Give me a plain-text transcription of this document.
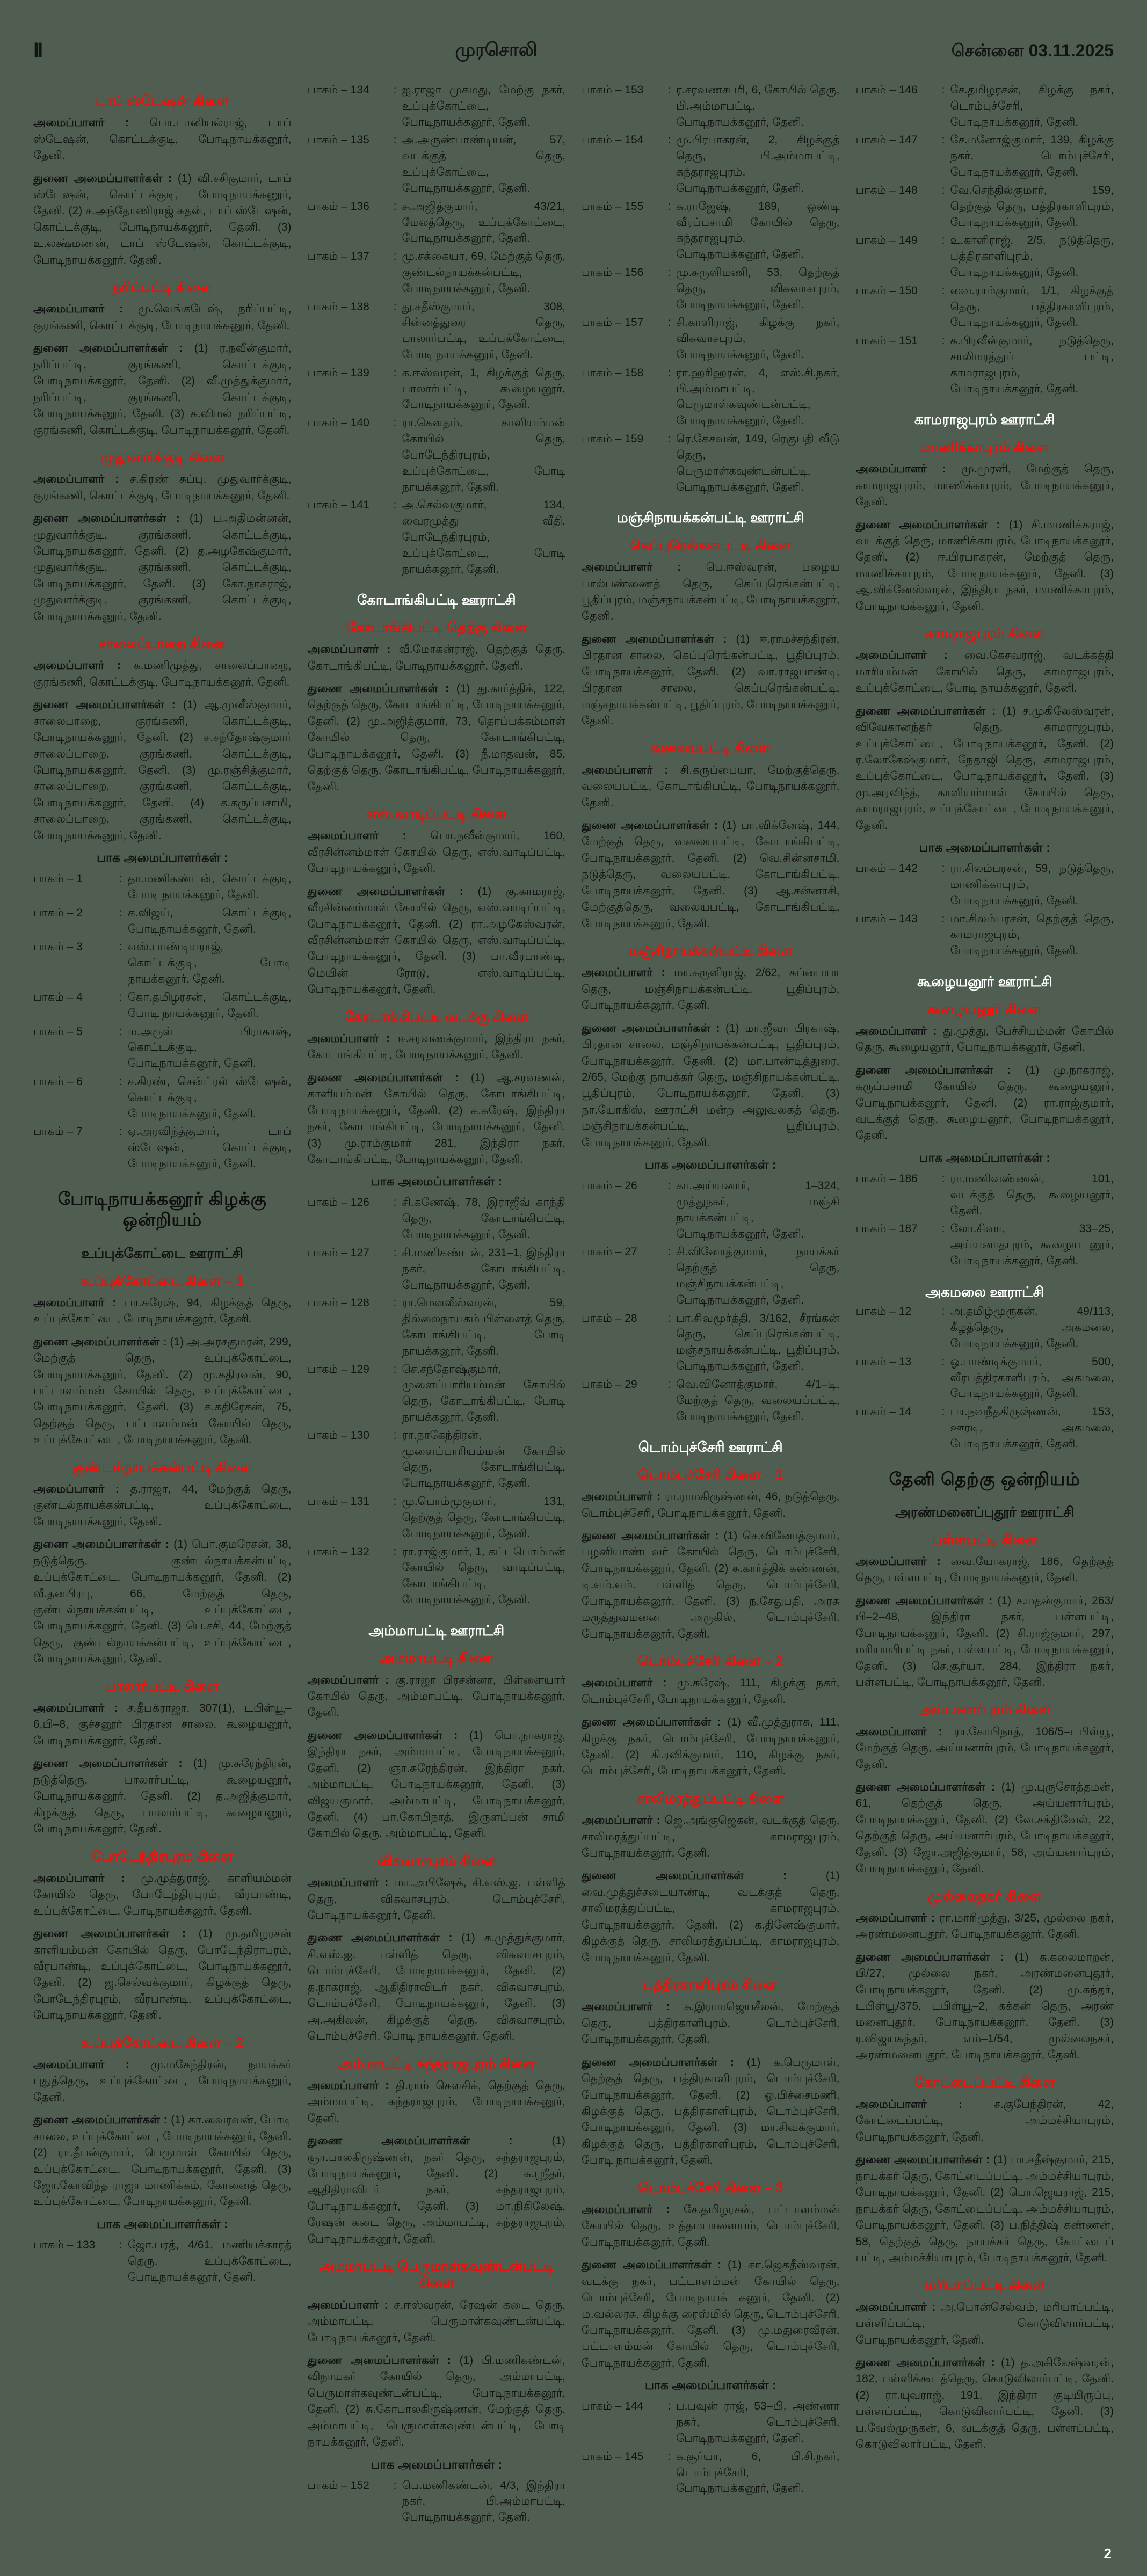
II	முரசொலி	சென்னை 03.11.2025
டாப் ஸ்டேஷன் கிளை
அமைப்பாளர் : பொ.டானியல்ராஜ், டாப் ஸ்டேஷன், கொட்டக்குடி, போடிநாயக்கனூர், தேனி.
துணை அமைப்பாளர்கள் : (1) வி.சசிகுமார், டாப் ஸ்டேஷன், கொட்டக்குடி, போடிநாயக்கனூர், தேனி. (2) ச.அந்தோணிராஜ் சுதன், டாப் ஸ்டேஷன், கொட்டக்குடி, போடிநாயக்கனூர், தேனி. (3) உ.லக்ஷ்மணன், டாப் ஸ்டேஷன், கொட்டக்குடி, போடிநாயக்கனூர், தேனி.
நரிப்பட்டி கிளை
அமைப்பாளர் : மு.வெங்கடேஷ், நரிப்பட்டி, குரங்கணி, கொட்டக்குடி, போடிநாயக்கனூர், தேனி.
துணை அமைப்பாளர்கள் : (1) ர.நவீன்குமார், நரிப்பட்டி, குரங்கணி, கொட்டக்குடி, போடிநாயக்கனூர், தேனி. (2) வீ.முத்துக்குமார், நரிப்பட்டி, குரங்கணி, கொட்டக்குடி, போடிநாயக்கனூர், தேனி. (3) க.விமல் நரிப்பட்டி, குரங்கணி, கொட்டக்குடி, போடிநாயக்கனூர், தேனி.
முதுவார்க்குடி கிளை
அமைப்பாளர் : ச.கிரண் சுப்பு, முதுவார்க்குடி, குரங்கணி, கொட்டக்குடி, போடிநாயக்கனூர், தேனி.
துணை அமைப்பாளர்கள் : (1) ப.அதிமன்னன், முதுவார்க்குடி, குரங்கணி, கொட்டக்குடி, போடிநாயக்கனூர், தேனி. (2) த.அழகேஷ்குமார், முதுவார்க்குடி, குரங்கணி, கொட்டக்குடி, போடிநாயக்கனூர், தேனி. (3) கோ.நாகராஜ், முதுவார்க்குடி, குரங்கணி, கொட்டக்குடி, போடிநாயக்கனூர், தேனி.
சாலைப்பாறை கிளை
அமைப்பாளர் : க.மணிமுத்து, சாலைப்பாறை, குரங்கணி, கொட்டக்குடி, போடிநாயக்கனூர், தேனி.
துணை அமைப்பாளர்கள் : (1) ஆ.முனீஸ்குமார், சாலைபாறை, குரங்கணி, கொட்டக்குடி, போடிநாயக்கனூர், தேனி. (2) ச.சந்தோஷ்குமார் சாலைப்பாறை, குரங்கணி, கொட்டக்குடி, போடிநாயக்கனூர், தேனி. (3) மு.ரஞ்சித்குமார், சாலைப்பாறை, குரங்கணி, கொட்டக்குடி, போடிநாயக்கனூர், தேனி. (4) க.கருப்பசாமி, சாலைப்பாறை, குரங்கணி, கொட்டக்குடி, போடிநாயக்கனூர், தேனி.
பாக அமைப்பாளர்கள் :
பாகம் – 1	: தா.மணிகண்டன், கொட்டக்குடி, போடி நாயக்கனூர், தேனி.
பாகம் – 2	: க.விஜய், கொட்டக்குடி, போடிநாயக்கனூர், தேனி.
பாகம் – 3	: எஸ்.பாண்டியராஜ், கொட்டக்குடி, போடி நாயக்கனூர், தேனி.
பாகம் – 4	: கோ.தமிழரசன், கொட்டக்குடி, போடி நாயக்கனூர், தேனி.
பாகம் – 5	: ம.அருள் பிராகாஷ், கொட்டக்குடி, போடிநாயக்கனூர், தேனி.
பாகம் – 6	: ச.கிரண், சென்ட்ரல் ஸ்டேஷன், கொட்டக்குடி, போடிநாயக்கனூர், தேனி.
பாகம் – 7	: ஏ.அரவிந்த்குமார், டாப் ஸ்டேஷன், கொட்டக்குடி, போடிநாயக்கனூர், தேனி.
போடிநாயக்கனூர் கிழக்கு ஒன்றியம்
உப்புக்கோட்டை ஊராட்சி
உப்புக்கோட்டை கிளை – 1
அமைப்பாளர் : பா.சுரேஷ், 94, கிழக்குத் தெரு, உப்புக்கோட்டை, போடிநாயக்கனூர், தேனி.
துணை அமைப்பாளர்கள் : (1) அ.அரசகுமரன், 299, மேற்குத் தெரு, உப்புக்கோட்டை, போடிநாயக்கனூர், தேனி. (2) மு.கதிரவன், 90, பட்டாளம்மன் கோயில் தெரு, உப்புக்கோட்டை, போடிநாயக்கனூர், தேனி. (3) க.கதிரேசன், 75, தெற்குத் தெரு, பட்டாளம்மன் கோயில் தெரு, உப்புக்கோட்டை, போடிநாயக்கனூர், தேனி.
குண்டல்நாயக்கன்பட்டி கிளை
அமைப்பாளர் : த.ராஜா, 44, மேற்குத் தெரு, குண்டல்நாயக்கன்பட்டி, உப்புக்கோட்டை, போடிநாயக்கனூர், தேனி.
துணை அமைப்பாளர்கள் : (1) பொ.குமரேசன், 38, நடுத்தெரு, குண்டல்நாயக்கன்பட்டி, உப்புக்கோட்டை, போடிநாயக்கனூர், தேனி. (2) வீ.தனபிரபு, 66, மேற்குத் தெரு, குண்டல்நாயக்கன்பட்டி, உப்புக்கோட்டை, போடிநாயக்கனூர், தேனி. (3) பெ.சசி, 44, மேற்குத் தெரு, குண்டல்நாயக்கன்பட்டி, உப்புக்கோட்டை, போடிநாயக்கனூர், தேனி.
பாலார்பட்டி கிளை
அமைப்பாளர் : ச.தீபக்ராஜா, 307(1), டபிள்யூ–6,பி–8, குச்சனூர் பிரதான சாலை, கூழையனூர், போடிநாயக்கனூர், தேனி.
துணை அமைப்பாளர்கள் : (1) மு.சுரேந்திரன், நடுத்தெரு, பாலார்பட்டி, கூழையனூர், போடிநாயக்கனூர், தேனி. (2) த.அஜித்குமார், கிழக்குத் தெரு, பாலார்பட்டி, கூழையனூர், போடிநாயக்கனூர், தேனி.
போடேந்திரபுரம் கிளை
அமைப்பாளர் : மு.முத்துராஜ், காளியம்மன் கோயில் தெரு, போடேந்திரபுரம், வீரபாண்டி, உப்புக்கோட்டை, போடிநாயக்கனூர், தேனி.
துணை அமைப்பாளர்கள் : (1) மு.தமிழரசன் காளியம்மன் கோயில் தெரு, போடேந்திராபுரம், வீரபாண்டி, உப்புக்கோட்டை, போடிநாயக்கனூர், தேனி. (2) ஜ.செல்வக்குமார், கிழக்குத் தெரு, போடேந்திரபுரம், வீரபாண்டி, உப்புக்கோட்டை, போடிநாயக்கனூர், தேனி.
உப்புக்கோட்டை கிளை – 2
அமைப்பாளர் : மு.மகேந்திரன், நாயக்கர் புதுத்தெரு, உப்புக்கோட்டை, போடிநாயக்கனூர், தேனி.
துணை அமைப்பாளர்கள் : (1) கா.வைரவன், போடி சாலை, உப்புக்கோட்டை, போடிநாயக்கனூர், தேனி. (2) ரா.தீபன்குமார், பெருமாள் கோயில் தெரு, உப்புக்கோட்டை, போடிநாயக்கனூர், தேனி. (3) ஜோ.கோவிந்த ராஜா மாணிக்கம், கோனைத் தெரு, உப்புக்கோட்டை, போடிநாயக்கனூர், தேனி.
பாக அமைப்பாளர்கள் :
பாகம் – 133	: ஜோ.பரத், 4/61, மணியக்காரத் தெரு, உப்புக்கோட்டை, போடிநாயக்கனூர், தேனி.
பாகம் – 134	: ஐ.ராஜா முகமது, மேற்கு நகர், உப்புக்கோட்டை, போடிநாயக்கனூர், தேனி.
பாகம் – 135	: அ.அருண்பாண்டியன், 57, வடக்குத் தெரு, உப்புக்கோட்டை, போடிநாயக்கனூர், தேனி.
பாகம் – 136	: சு.அஜித்குமார், 43/21, மேலத்தெரு, உப்புக்கோட்டை, போடிநாயக்கனூர், தேனி.
பாகம் – 137	: மு.சக்கையா, 69, மேற்குத் தெரு, குண்டல்நாயக்கன்பட்டி, போடிநாயக்கனூர், தேனி.
பாகம் – 138	: து.சதீஸ்குமார், 308, சின்னத்துரை தெரு, பாலார்பட்டி, உப்புக்கோட்டை, போடி நாயக்கனூர், தேனி.
பாகம் – 139	: க.ஈஸ்வரன், 1, கிழக்குத் தெரு, பாலார்பட்டி, கூழையனூர், போடிநாயக்கனூர், தேனி.
பாகம் – 140	: ரா.கௌதம், காளியம்மன் கோயில் தெரு, போடேந்திரபுரம், உப்புக்கோட்டை, போடி நாயக்கனூர், தேனி.
பாகம் – 141	: அ.செல்வகுமார், 134, வைரமுத்து வீதி, போடேந்திரபுரம், உப்புக்கோட்டை, போடி நாயக்கனூர், தேனி.
கோடாங்கிபட்டி ஊராட்சி
கோடாங்கிபட்டி தெற்கு கிளை
அமைப்பாளர் : வீ.மோகன்ராஜ், தெற்குத் தெரு, கோடாங்கிபட்டி, போடிநாயக்கனூர், தேனி.
துணை அமைப்பாளர்கள் : (1) து.கார்த்திக், 122, தெற்குத் தெரு, கோடாங்கிபட்டி, போடிநாயக்கனூர், தேனி. (2) மு.அஜித்குமார், 73, தொப்பக்கம்மாள் கோயில் தெரு, கோடாங்கிபட்டி, போடிநாயக்கனூர், தேனி. (3) நீ.மாதவன், 85, தெற்குத் தெரு, கோடாங்கிபட்டி, போடிநாயக்கனூர், தேனி.
எஸ்.வாடிப்பட்டி கிளை
அமைப்பாளர் : பொ.நவீன்குமார், 160, வீரசின்னம்மாள் கோயில் தெரு, எஸ்.வாடிப்பட்டி, போடிநாயக்கனூர், தேனி.
துணை அமைப்பாளர்கள் : (1) கு.காமராஜ், வீரசின்னம்மாள் கோயில் தெரு, எஸ்.வாடிப்பட்டி, போடிநாயக்கனூர், தேனி. (2) ரா.அழகேஸ்வரன், வீரசின்னம்மாள் கோயில் தெரு, எஸ்.வாடிப்பட்டி, போடிநாயக்கனூர், தேனி. (3) பா.வீரபாண்டி, மெயின் ரோடு, எஸ்.வாடிப்பட்டி, போடிநாயக்கனூர், தேனி.
கோடாங்கிபட்டி வடக்கு கிளை
அமைப்பாளர் : ஈ.சரவணக்குமார், இந்திரா நகர், கோடாங்கிபட்டி, போடிநாயக்கனூர், தேனி.
துணை அமைப்பாளர்கள் : (1) ஆ.சரவணன், காளியம்மன் கோயில் தெரு, கோடாங்கிபட்டி, போடிநாயக்கனூர், தேனி. (2) க.சுரேஷ், இந்திரா நகர், கோடாங்கிபட்டி, போடிநாயக்கனூர், தேனி. (3) மு.ராம்குமார் 281, இந்திரா நகர், கோடாங்கிபட்டி, போடிநாயக்கனூர், தேனி.
பாக அமைப்பாளர்கள் :
பாகம் – 126	: சி.கணேஷ், 78, இராஜீவ் காந்தி தெரு, கோடாங்கிபட்டி, போடிநாயக்கனூர், தேனி.
பாகம் – 127	: சி.மணிகண்டன், 231–1, இந்திரா நகர், கோடாங்கிபட்டி, போடிநாயக்கனூர், தேனி.
பாகம் – 128	: ரா.மௌலீஸ்வரன், 59, தில்லைநாயகம் பிள்ளைத் தெரு, கோடாங்கிபட்டி, போடி நாயக்கனூர், தேனி.
பாகம் – 129	: செ.சந்தோஷ்குமார், முளைப்பாரியம்மன் கோயில் தெரு, கோடாங்கிபட்டி, போடி நாயக்கனூர், தேனி.
பாகம் – 130	: ரா.நாகேந்திரன், முளைப்பாரியம்மன் கோயில் தெரு, கோடாங்கிபட்டி, போடிநாயக்கனூர், தேனி.
பாகம் – 131	: மு.பொம்முகுமார், 131, தெற்குத் தெரு, கோடாங்கிபட்டி, போடிநாயக்கனூர், தேனி.
பாகம் – 132	: ரா.ராஜ்குமார், 1, கட்டபொம்மன் கோயில் தெரு, வாடிப்பட்டி, கோடாங்கிபட்டி, போடிநாயக்கனூர், தேனி.
அம்மாபட்டி ஊராட்சி
அம்மாபட்டி கிளை
அமைப்பாளர் : கு.ராஜா பிரசன்னா, பிள்ளையார் கோயில் தெரு, அம்மாபட்டி, போடிநாயக்கனூர், தேனி.
துணை அமைப்பாளர்கள் : (1) பொ.நாகராஜ், இந்திரா நகர், அம்மாபட்டி, போடிநாயக்கனூர், தேனி. (2) ஞா.சுரேந்திரன், இந்திரா நகர், அம்மாபட்டி, போடிநாயக்கனூர், தேனி. (3) விஜயகுமார், அம்மாபட்டி, போடிநாயக்கனூர், தேனி. (4) பா.கோபிநாத், இருளப்பன் சாமி கோயில் தெரு, அம்மாபட்டி, தேனி.
விசுவாசபுரம் கிளை
அமைப்பாளர் : மா.அபிஷேக், சி.எஸ்.ஐ. பள்ளித் தெரு, விசுவாசபுரம், டொம்புச்சேரி, போடிநாயக்கனூர், தேனி.
துணை அமைப்பாளர்கள் : (1) சு.முத்துக்குமார், சி.எஸ்.ஐ. பள்ளித் தெரு, விசுவாசபுரம், டொம்புச்சேரி, போடிநாயக்கனூர், தேனி. (2) த.நாகராஜ், ஆதிதிராவிடர் நகர், விசுவாசபுரம், டொம்புச்சேரி, போடிநாயக்கனூர், தேனி. (3) அ.அகிலன், கிழக்குத் தெரு, விசுவாசபுரம், டொம்புச்சேரி, போடி நாயக்கனூர், தேனி.
அம்மாபட்டி சுந்தராஜபுரம் கிளை
அமைப்பாளர் : தி.ராம் கௌசிக், தெற்குத் தெரு, அம்மாபட்டி, சுந்தராஜபுரம், போடிநாயக்கனூர், தேனி.
துணை அமைப்பாளர்கள் : (1) ஞா.பாலகிருஷ்ணன், நகர் தெரு, சுந்தராஜபுரம், போடிநாயக்கனூர், தேனி. (2) சு.ஸ்ரீதர், ஆதிதிராவிடர் நகர், சுந்தராஜபுரம், போடிநாயக்கனூர், தேனி. (3) மா.நிகிலேஷ், ரேஷன் கடை தெரு, அம்மாபட்டி, சுந்தராஜபுரம், போடிநாயக்கனூர், தேனி.
அம்மாபட்டி பெருமாள்கவுண்டன்பட்டி கிளை
அமைப்பாளர் : ச.ஈஸ்வரன், ரேஷன் கடை தெரு, அம்மாபட்டி, பெருமாள்கவுண்டன்பட்டி, போடிநாயக்கனூர், தேனி.
துணை அமைப்பாளர்கள் : (1) பி.மணிகண்டன், விநாயகர் கோயில் தெரு, அம்மாபட்டி, பெருமாள்கவுண்டன்பட்டி, போடிநாயக்கனூர், தேனி. (2) சு.கோபாலகிருஷ்ணன், மேற்குத் தெரு, அம்மாபட்டி, பெருமாள்கவுண்டன்பட்டி, போடி நாயக்கனூர், தேனி.
பாக அமைப்பாளர்கள் :
பாகம் – 152	: பெ.மணிகண்டன், 4/3, இந்திரா நகர், பி.அம்மாபட்டி, போடிநாயக்கனூர், தேனி.
பாகம் – 153	: ர.சரவணசபரி, 6, கோயில் தெரு, பி.அம்மாபட்டி, போடிநாயக்கனூர், தேனி.
பாகம் – 154	: மு.பிரபாகரன், 2, கிழக்குத் தெரு, பி.அம்மாபட்டி, சுந்தராஜபுரம், போடிநாயக்கனூர், தேனி.
பாகம் – 155	: சு.ராஜேஷ், 189, ஒண்டி வீரப்பசாமி கோயில் தெரு, சுந்தராஜபுரம், போடிநாயக்கனூர், தேனி.
பாகம் – 156	: மு.சுருளிமணி, 53, தெற்குத் தெரு, விசுவாசபுரம், போடிநாயக்கனூர், தேனி.
பாகம் – 157	: சி.காளிராஜ், கிழக்கு நகர், விசுவாசபுரம், போடிநாயக்கனூர், தேனி.
பாகம் – 158	: ரா.ஹரிஹரன், 4, எஸ்.சி.நகர், பி.அம்மாபட்டி, பெருமாள்கவுண்டன்பட்டி, போடிநாயக்கனூர், தேனி.
பாகம் – 159	: ரெ.கேசவன், 149, ரெகுபதி வீடு தெரு, பெருமாள்கவுண்டன்பட்டி, போடிநாயக்கனூர், தேனி.
மஞ்சிநாயக்கன்பட்டி ஊராட்சி
கெப்புரெங்கன்பட்டி கிளை
அமைப்பாளர் : பெ.ஈஸ்வரன், பழைய பால்பண்ணைத் தெரு, கெப்புரெங்கன்பட்டி, பூதிப்புரம், மஞ்சநாயக்கன்பட்டி, போடிநாயக்கனூர், தேனி.
துணை அமைப்பாளர்கள் : (1) ஈ.ராமச்சந்திரன், பிரதான சாலை, கெப்புரெங்கன்பட்டி, பூதிப்புரம், போடிநாயக்கனூர், தேனி. (2) வா.ராஜபாண்டி, பிரதான சாலை, கெப்புரெங்கன்பட்டி, மஞ்சநாயக்கன்பட்டி, பூதிப்புரம், போடிநாயக்கனூர், தேனி.
வலையபட்டி கிளை
அமைப்பாளர் : சி.கருப்பையா, மேற்குத்தெரு, வலையபட்டி, கோடாங்கிபட்டி, போடிநாயக்கனூர், தேனி.
துணை அமைப்பாளர்கள் : (1) பா.விக்னேஷ், 144, மேற்குத் தெரு, வலையபட்டி, கோடாங்கிபட்டி, போடிநாயக்கனூர், தேனி. (2) வெ.சின்னசாமி, நடுத்தெரு, வலையபட்டி, கோடாங்கிபட்டி, போடிநாயக்கனூர், தேனி. (3) ஆ.சன்னாசி, மேற்குத்தெரு, வலையபட்டி, கோடாங்கிபட்டி, போடிநாயக்கனூர், தேனி.
மஞ்சிநாயக்கன்பட்டி கிளை
அமைப்பாளர் : மா.சுருளிராஜ், 2/62, சுப்பையா தெரு, மஞ்சிநாயக்கன்பட்டி, பூதிப்புரம், போடிநாயக்கனூர், தேனி.
துணை அமைப்பாளர்கள் : (1) மா.ஜீவா பிரகாஷ், பிரதான சாலை, மஞ்சிநாயக்கன்பட்டி, பூதிப்புரம், போடிநாயக்கனூர், தேனி. (2) மா.பாண்டித்துரை, 2/65, மேற்கு நாயக்கர் தெரு, மஞ்சிநாயக்கன்பட்டி, பூதிப்புரம், போடிநாயக்கனூர், தேனி. (3) நா.யோகிஸ், ஊராட்சி மன்ற அலுவலகத் தெரு, மஞ்சிநாயக்கன்பட்டி, பூதிப்புரம், போடிநாயக்கனூர், தேனி.
பாக அமைப்பாளர்கள் :
பாகம் – 26	: கா.அய்யனார், 1–324, முத்துநகர், மஞ்சி நாயக்கன்பட்டி, போடிநாயக்கனூர், தேனி.
பாகம் – 27	: சி.வினோத்குமார், நாயக்கர் தெற்குத் தெரு, மஞ்சிநாயக்கன்பட்டி, போடிநாயக்கனூர், தேனி.
பாகம் – 28	: பா.சிவமூர்த்தி, 3/162, சீரங்கன் தெரு, கெப்புரெங்கன்பட்டி, மஞ்சநாயக்கன்பட்டி, பூதிப்புரம், போடிநாயக்கனூர், தேனி.
பாகம் – 29	: வெ.வினோத்குமார், 4/1–டி, மேற்குத் தெரு, வலையப்பட்டி, போடிநாயக்கனூர், தேனி.
டொம்புச்சேரி ஊராட்சி
டொம்புச்சேரி கிளை – 1
அமைப்பாளர் : ரா.ராமகிருஷ்ணன், 46, நடுத்தெரு, டொம்புச்சேரி, போடிநாயக்கனூர், தேனி.
துணை அமைப்பாளர்கள் : (1) செ.வினோத்குமார், பழனியாண்டவர் கோயில் தெரு, டொம்புச்சேரி, போடிநாயக்கனூர், தேனி. (2) சு.கார்த்திக் கண்ணன், டி.எம்.எம். பள்ளித் தெரு, டொம்புச்சேரி, போடிநாயக்கனூர், தேனி. (3) ந.சேதுபதி, அரசு மருத்துவமனை அருகில், டொம்புச்சேரி, போடிநாயக்கனூர், தேனி.
டொம்புச்சேரி கிளை – 2
அமைப்பாளர் : மு.சுரேஷ், 111, கிழக்கு நகர், டொம்புச்சேரி, போடிநாயக்கனூர், தேனி.
துணை அமைப்பாளர்கள் : (1) வீ.முத்துராசு, 111, கிழக்கு நகர், டொம்புச்சேரி, போடிநாயக்கனூர், தேனி. (2) கி.ரவிக்குமார், 110, கிழக்கு நகர், டொம்புச்சேரி, போடிநாயக்கனூர், தேனி.
சாலிமரத்துப்பட்டி கிளை
அமைப்பாளர் : ஜெ.அங்குஜெகன், வடக்குத் தெரு, சாலிமரத்துப்பட்டி, காமராஜபுரம், போடிநாயக்கனூர், தேனி.
துணை அமைப்பாளர்கள் : (1) வை.முத்துச்சடையாண்டி, வடக்குத் தெரு, சாலிமரத்துப்பட்டி, காமராஜபுரம், போடிநாயக்கனூர், தேனி. (2) க.தினேஷ்குமார், கிழக்குத் தெரு, சாலிமரத்துப்பட்டி, காமராஜபுரம், போடிநாயக்கனூர், தேனி.
பத்திரகாளிபுரம் கிளை
அமைப்பாளர் : க.இராமஜெயசீலன், மேற்குத் தெரு, பத்திரகாளிபுரம், டொம்புச்சேரி, போடிநாயக்கனூர், தேனி.
துணை அமைப்பாளர்கள் : (1) க.பெருமாள், தெற்குத் தெரு, பத்திரகாளிபுரம், டொம்புச்சேரி, போடிநாயக்கனூர், தேனி. (2) ஓ.பிச்சைமணி, கிழக்குத் தெரு, பத்திரகாளிபுரம், டொம்புச்சேரி, போடிநாயக்கனூர், தேனி. (3) மா.சிவக்குமார், கிழக்குத் தெரு, பத்திரகாளிபுரம், டொம்புச்சேரி, போடி நாயக்கனூர், தேனி.
டொம்புச்சேரி கிளை – 3
அமைப்பாளர் : சே.தமிழரசன், பட்டாளம்மன் கோயில் தெரு, உத்தமபாளையம், டொம்புச்சேரி, போடிநாயக்கனூர், தேனி.
துணை அமைப்பாளர்கள் : (1) கா.ஜெகதீஸ்வரன், வடக்கு நகர், பட்டாளம்மன் கோயில் தெரு, டொம்புச்சேரி, போடிநாயக் கனூர், தேனி. (2) ம.வல்லரசு, கிழக்கு ரைஸ்மில் தெரு, டொம்புச்சேரி, போடிநாயக்கனூர், தேனி. (3) மு.மதுரைவீரன், பட்டாளம்மன் கோயில் தெரு, டொம்புச்சேரி, போடிநாயக்கனூர், தேனி.
பாக அமைப்பாளர்கள் :
பாகம் – 144	: ப.பவுன் ராஜ், 53–பி, அண்ணா நகர், டொம்புச்சேரி, போடிநாயக்கனூர், தேனி.
பாகம் – 145	: க.சூர்யா, 6, பி.சி.நகர், டொம்புச்சேரி, போடிநாயக்கனூர், தேனி.
பாகம் – 146	: சே.தமிழரசன், கிழக்கு நகர், டொம்புச்சேரி, போடிநாயக்கனூர், தேனி.
பாகம் – 147	: சே.மனோஜ்குமார், 139, கிழக்கு நகர், டொம்புச்சேரி, போடிநாயக்கனூர், தேனி.
பாகம் – 148	: வே.செந்தில்குமார், 159, தெற்குத் தெரு, பத்திரகாளிபுரம், போடிநாயக்கனூர், தேனி.
பாகம் – 149	: உ.காளிராஜ், 2/5, நடுத்தெரு, பத்திரகாளிபுரம், போடிநாயக்கனூர், தேனி.
பாகம் – 150	: வை.ராம்குமார், 1/1, கிழக்குத் தெரு, பத்திரகாளிபுரம், போடிநாயக்கனூர், தேனி.
பாகம் – 151	: க.பிரவீன்குமார், நடுத்தெரு, சாலிமரத்துப் பட்டி, காமராஜபுரம், போடிநாயக்கனூர், தேனி.
காமராஜபுரம் ஊராட்சி
மாணிக்காபுரம் கிளை
அமைப்பாளர் : மு.முரளி, மேற்குத் தெரு, காமராஜபுரம், மாணிக்காபுரம், போடிநாயக்கனூர், தேனி.
துணை அமைப்பாளர்கள் : (1) சி.மாணிக்கராஜ், வடக்குத் தெரு, மாணிக்காபுரம், போடிநாயக்கனூர், தேனி. (2) ஈ.பிரபாகரன், மேற்குத் தெரு, மாணிக்காபுரம், போடிநாயக்கனூர், தேனி. (3) ஆ.விக்னேஸ்வரன், இந்திரா நகர், மாணிக்காபுரம், போடிநாயக்கனூர், தேனி.
காமராஜபுரம் கிளை
அமைப்பாளர் : வை.கேசவராஜ், வடக்கத்தி மாரியம்மன் கோயில் தெரு, காமராஜபுரம், உப்புக்கோட்டை, போடி நாயக்கனூர், தேனி.
துணை அமைப்பாளர்கள் : (1) ச.முகிலேஸ்வரன், விவேகானந்தர் தெரு, காமராஜபுரம், உப்புக்கோட்டை, போடிநாயக்கனூர், தேனி. (2) ர.லோகேஷ்குமார், நேதாஜி தெரு, காமராஜபுரம், உப்புக்கோட்டை, போடிநாயக்கனூர், தேனி. (3) மு.அரவிந்த், காளியம்மாள் கோயில் தெரு, காமராஜபுரம், உப்புக்கோட்டை, போடிநாயக்கனூர், தேனி.
பாக அமைப்பாளர்கள் :
பாகம் – 142	: ரா.சிலம்பரசன், 59, நடுத்தெரு, மாணிக்காபுரம், போடிநாயக்கனூர், தேனி.
பாகம் – 143	: மா.சிலம்பரசன், தெற்குத் தெரு, காமராஜபுரம், போடிநாயக்கனூர், தேனி.
கூழையனூர் ஊராட்சி
கூழையனூர் கிளை
அமைப்பாளர் : து.முத்து, பேச்சியம்மன் கோயில் தெரு, கூழையனூர், போடிநாயக்கனூர், தேனி.
துணை அமைப்பாளர்கள் : (1) மு.நாகராஜ், கருப்பசாமி கோயில் தெரு, கூழையனூர், போடிநாயக்கனூர், தேனி. (2) ரா.ராஜ்குமார், வடக்குத் தெரு, கூழையனூர், போடிநாயக்கனூர், தேனி.
பாக அமைப்பாளர்கள் :
பாகம் – 186	: ரா.மணிவண்ணன், 101, வடக்குத் தெரு, கூழையனூர், தேனி.
பாகம் – 187	: லோ.சிவா, 33–25, அய்யனாதபுரம், கூழைய னூர், போடிநாயக்கனூர், தேனி.
அகமலை ஊராட்சி
பாகம் – 12	: அ.தமிழ்முருகன், 49/113, கீழத்தெரு, அகமலை, போடிநாயக்கனூர், தேனி.
பாகம் – 13	: ஓ.பாண்டிக்குமார், 500, வீரபத்திரகாளிபுரம், அகமலை, போடிநாயக்கனூர், தேனி.
பாகம் – 14	: பா.நவநீதகிருஷ்ணன், 153, ஊரடி, அகமலை, போடிநாயக்கனூர், தேனி.
தேனி தெற்கு ஒன்றியம்
அரண்மனைப்புதூர் ஊராட்சி
பள்ளபட்டி கிளை
அமைப்பாளர் : வை.யோகராஜ், 186, தெற்குத் தெரு, பள்ளபட்டி, போடிநாயக்கனூர், தேனி.
துணை அமைப்பாளர்கள் : (1) ச.மதன்குமார், 263/பி–2–48, இந்திரா நகர், பள்ளபட்டி, போடிநாயக்கனூர், தேனி. (2) சி.ராஜ்குமார், 297, மரியாயிபட்டி நகர், பள்ளபட்டி, போடிநாயக்கனூர், தேனி. (3) செ.சூர்யா, 284, இந்திரா நகர், பள்ளபட்டி, போடிநாயக்கனூர், தேனி.
அய்யனார்புரம் கிளை
அமைப்பாளர் : ரா.கோபிநாத், 106/5–டபிள்யூ, மேற்குத் தெரு, அய்யனார்புரம், போடிநாயக்கனூர், தேனி.
துணை அமைப்பாளர்கள் : (1) மு.புருசோத்தமன், 61, தெற்குத் தெரு, அய்யனார்புரம், போடிநாயக்கனூர், தேனி. (2) வே.சக்திவேல், 22, தெற்குத் தெரு, அய்யனார்புரம், போடிநாயக்கனூர், தேனி. (3) ஜோ.அஜித்குமார், 58, அய்யனார்புரம், போடிநாயக்கனூர், தேனி.
முல்லைநகர் கிளை
அமைப்பாளர் : ரா.மாரிமுத்து, 3/25, முல்லை நகர், அரண்மனைபுதூர், போடிநாயக்கனூர், தேனி.
துணை அமைப்பாளர்கள் : (1) சு.கலைமாறன், பி/27, முல்லை நகர், அரண்மனைபுதூர், போடிநாயக்கனூர், தேனி. (2) மு.சுந்தர், டபிள்யூ/375, டபிள்யூ–2, கக்கன் தெரு, அரண் மனைபுதூர், போடிநாயக்கனூர், தேனி. (3) ர.விஜயசுந்தர், எம்–1/54, முல்லைநகர், அரண்மனைபுதூர், போடிநாயக்கனூர், தேனி.
கோட்டைப்பட்டி கிளை
அமைப்பாளர் : ச.குபேந்திரன், 42, கோட்டைப்பட்டி, அம்மச்சியாபுரம், போடிநாயக்கனூர், தேனி.
துணை அமைப்பாளர்கள் : (1) பா.சதீஷ்குமார், 215, நாயக்கர் தெரு, கோட்டைப்பட்டி, அம்மச்சியாபுரம், போடிநாயக்கனூர், தேனி. (2) பொ.ஜெயராஜ், 215, நாயக்கர் தெரு, கோட்டைப்பட்டி, அம்மச்சியாபுரம், போடிநாயக்கனூர், தேனி. (3) ப.நித்திஷ் கண்ணன், 58, தெற்குத் தெரு, நாயக்கர் தெரு, கோட்டைப் பட்டி, அம்மச்சியாபுரம், போடிநாயக்கனூர், தேனி.
மரியாப்பட்டி கிளை
அமைப்பாளர் : அ.பொன்செல்வம், மரியாப்பட்டி, பள்ளிப்பட்டி, கொடுவிளார்பட்டி, போடிநாயக்கனூர், தேனி.
துணை அமைப்பாளர்கள் : (1) த.அகிலேஷ்வரன், 182, பள்ளிக்கூடத்தெரு, கொடுவிலார்பட்டி, தேனி. (2) ரா.யுவராஜ், 191, இந்திரா குடியிருப்பு, பள்ளப்பட்டி, கொடுவிலார்பட்டி, தேனி. (3) ப.வேல்முருகன், 6, வடக்குத் தெரு, பள்ளப்பட்டி, கொடுவிலார்பட்டி, தேனி.
2
